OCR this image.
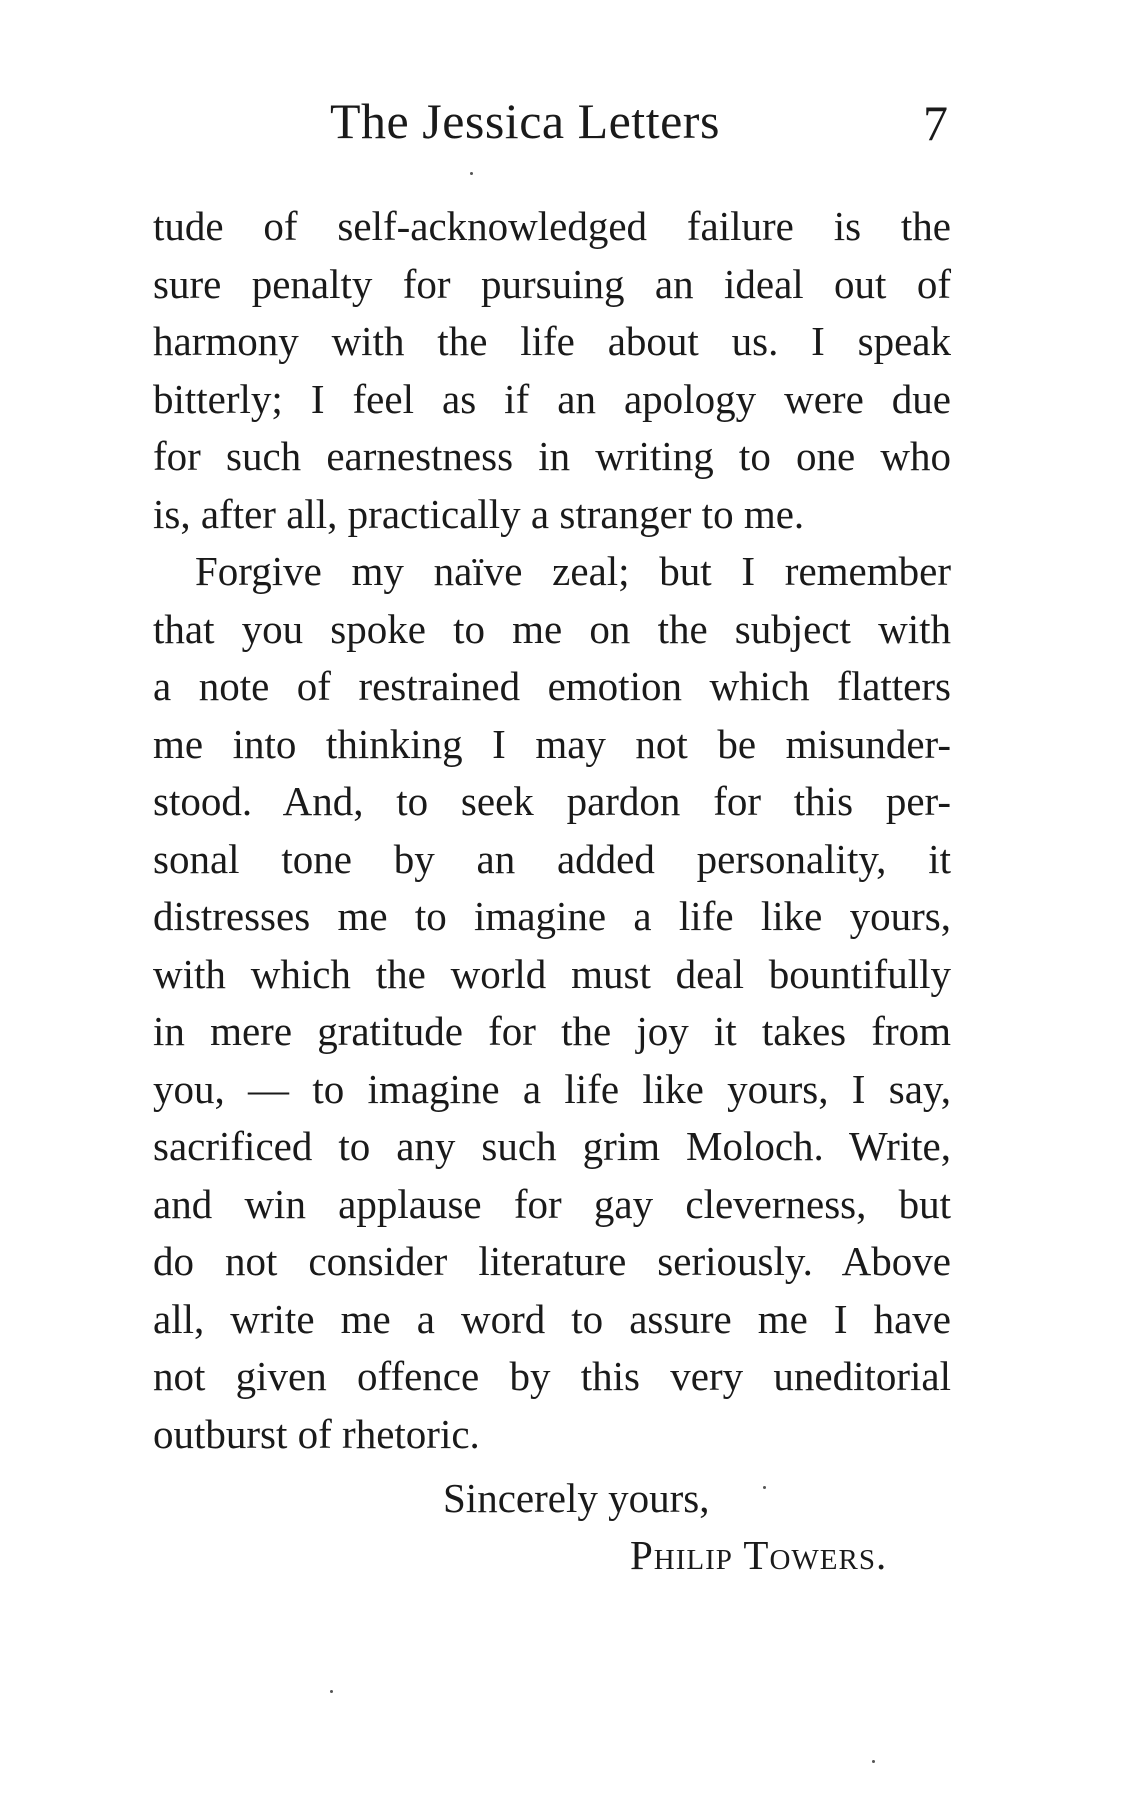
The Jessica Letters	7
tude of self-acknowledged failure is the
sure penalty for pursuing an ideal out of
harmony with the life about us. I speak
bitterly; I feel as if an apology were due
for such earnestness in writing to one who
is, after all, practically a stranger to me.
Forgive my naïve zeal; but I remember
that you spoke to me on the subject with
a note of restrained emotion which flatters
me into thinking I may not be misunder-
stood. And, to seek pardon for this per-
sonal tone by an added personality, it
distresses me to imagine a life like yours,
with which the world must deal bountifully
in mere gratitude for the joy it takes from
you, — to imagine a life like yours, I say,
sacrificed to any such grim Moloch. Write,
and win applause for gay cleverness, but
do not consider literature seriously. Above
all, write me a word to assure me I have
not given offence by this very uneditorial
outburst of rhetoric.
Sincerely yours,
Philip Towers.
